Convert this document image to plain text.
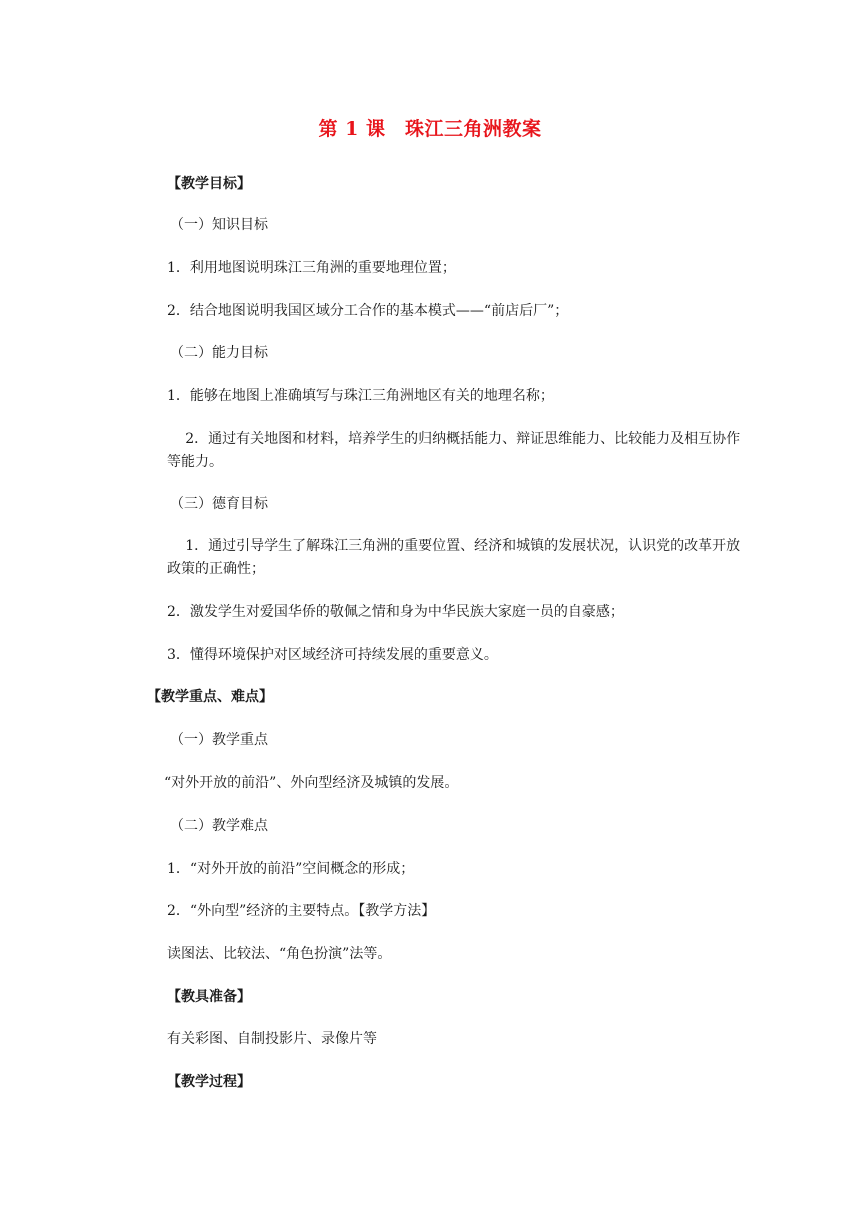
第 1 课　珠江三角洲教案
【教学目标】
（一）知识目标
1．利用地图说明珠江三角洲的重要地理位置；
2．结合地图说明我国区域分工合作的基本模式——“前店后厂”；
（二）能力目标
1．能够在地图上准确填写与珠江三角洲地区有关的地理名称；
2．通过有关地图和材料，培养学生的归纳概括能力、辩证思维能力、比较能力及相互协作等能力。
（三）德育目标
1．通过引导学生了解珠江三角洲的重要位置、经济和城镇的发展状况，认识党的改革开放政策的正确性；
2．激发学生对爱国华侨的敬佩之情和身为中华民族大家庭一员的自豪感；
3．懂得环境保护对区域经济可持续发展的重要意义。
【教学重点、难点】
（一）教学重点
“对外开放的前沿”、外向型经济及城镇的发展。
（二）教学难点
1．“对外开放的前沿”空间概念的形成；
2．“外向型”经济的主要特点。【教学方法】
读图法、比较法、“角色扮演”法等。
【教具准备】
有关彩图、自制投影片、录像片等
【教学过程】
